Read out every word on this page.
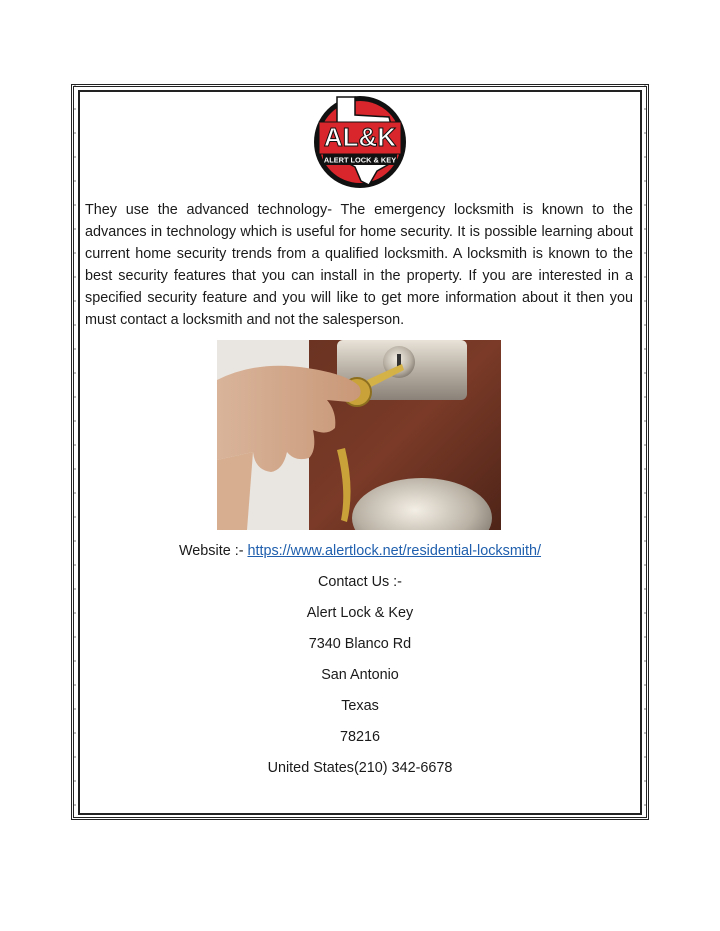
AL&K
ALERT LOCK & KEY

They use the advanced technology- The emergency locksmith is known to the advances in technology which is useful for home security. It is possible learning about current home security trends from a qualified locksmith. A locksmith is known to the best security features that you can install in the property. If you are interested in a specified security feature and you will like to get more information about it then you must contact a locksmith and not the salesperson.

Website :- https://www.alertlock.net/residential-locksmith/

Contact Us :-

Alert Lock & Key

7340 Blanco Rd

San Antonio

Texas

78216

United States(210) 342-6678
